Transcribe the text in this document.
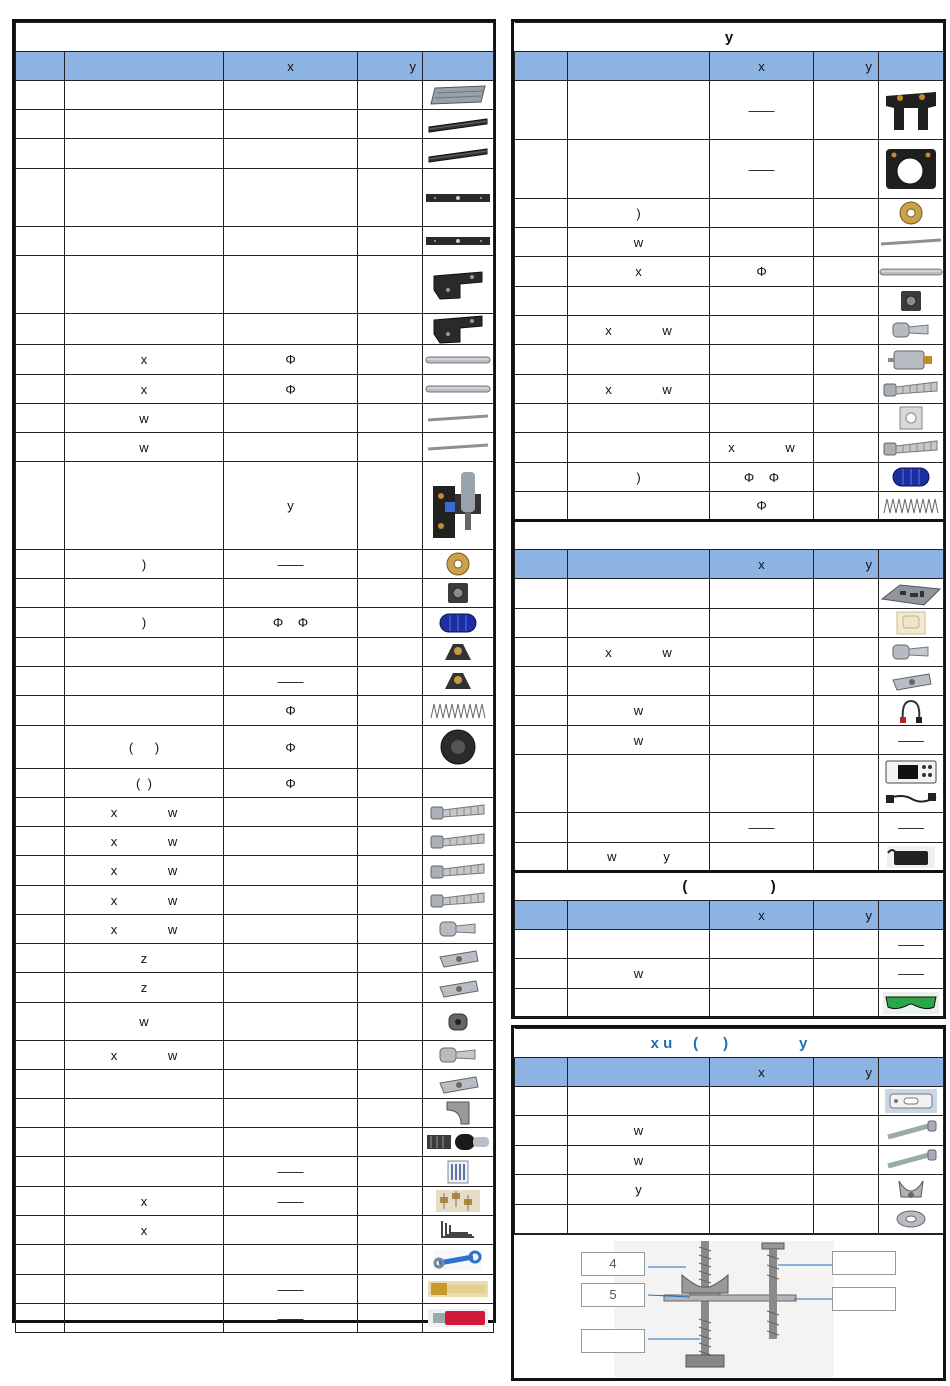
		x	y	

	x	Φ		

	x	Φ		

	w			

	w			

		y		

	)	——		

	)	Φ    Φ		

		——		

		Φ		

	(      )	Φ		

	(  )	Φ		
	x              w			

	x              w			

	x              w			

	x              w			

	x              w			

	z			

	z			

	w			

	x              w			

		——		

	x	——		

	x			

		——		

		——		
y				
		x	y	
		——		

		——		

	)			

	w			

	x	Φ		

	x              w			

	x              w			

		x              w		

	)	Φ    Φ		

		Φ		

		x	y	

	x              w			

	w			

	w			——

		——		——
	w             y			

(                    )				
		x	y	
				——
	w			——

x u     (      )                 y				
		x	y	

	w			

	w			

	y			

4
5
